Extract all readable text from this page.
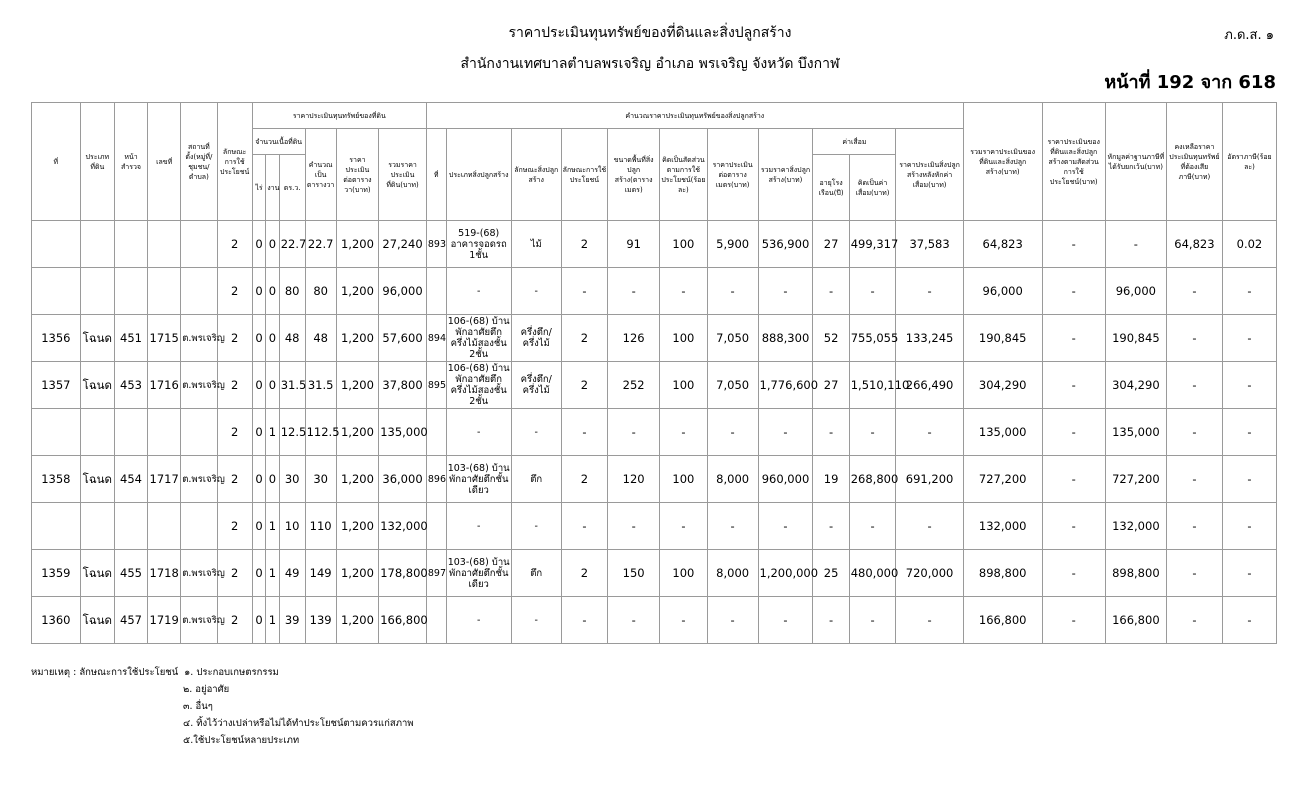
ราคาประเมินทุนทรัพย์ของที่ดินและสิ่งปลูกสร้าง
สำนักงานเทศบาลตำบลพรเจริญ อำเภอ พรเจริญ จังหวัด บึงกาฬ
ภ.ด.ส. ๑
หน้าที่ 192 จาก 618
ที่	ประเภทที่ดิน	หน้าสำรวจ	เลขที่	สถานที่ตั้ง(หมู่ที่/ชุมชน/ตำบล)	ลักษณะการใช้ประโยชน์	ราคาประเมินทุนทรัพย์ของที่ดิน						คำนวณราคาประเมินทุนทรัพย์ของสิ่งปลูกสร้าง											รวมราคาประเมินของที่ดินและสิ่งปลูกสร้าง(บาท)	ราคาประเมินของที่ดินและสิ่งปลูกสร้างตามสัดส่วนการใช้ประโยชน์(บาท)	หักมูลค่าฐานภาษีที่ได้รับยกเว้น(บาท)	คงเหลือราคาประเมินทุนทรัพย์ที่ต้องเสียภาษี(บาท)	อัตราภาษี(ร้อยละ)
						จำนวนเนื้อที่ดิน			คำนวณเป็นตารางวา	ราคาประเมินต่อตารางวา(บาท)	รวมราคาประเมินที่ดิน(บาท)	ที่	ประเภทสิ่งปลูกสร้าง	ลักษณะสิ่งปลูกสร้าง	ลักษณะการใช้ประโยชน์	ขนาดพื้นที่สิ่งปลูกสร้าง(ตารางเมตร)	คิดเป็นสัดส่วนตามการใช้ประโยชน์(ร้อยละ)	ราคาประเมินต่อตารางเมตร(บาท)	รวมราคาสิ่งปลูกสร้าง(บาท)	ค่าเสื่อม		ราคาประเมินสิ่งปลูกสร้างหลังหักค่าเสื่อม(บาท)					
						ไร่	งาน	ตร.ว.												อายุโรงเรือน(ปี)	คิดเป็นค่าเสื่อม(บาท)						
					2	0	0	22.7	22.7	1,200	27,240	893	519-(68) อาคารจอดรถ 1ชั้น	ไม้	2	91	100	5,900	536,900	27	499,317	37,583	64,823	-	-	64,823	0.02
					2	0	0	80	80	1,200	96,000		-	-	-	-	-	-	-	-	-	-	96,000	-	96,000	-	-
1356	โฉนด	451	1715	ต.พรเจริญ	2	0	0	48	48	1,200	57,600	894	106-(68) บ้านพักอาศัยตึกครึ่งไม้สองชั้น 2ชั้น	ครึ่งตึก/ครึ่งไม้	2	126	100	7,050	888,300	52	755,055	133,245	190,845	-	190,845	-	-
1357	โฉนด	453	1716	ต.พรเจริญ	2	0	0	31.5	31.5	1,200	37,800	895	106-(68) บ้านพักอาศัยตึกครึ่งไม้สองชั้น 2ชั้น	ครึ่งตึก/ครึ่งไม้	2	252	100	7,050	1,776,600	27	1,510,110	266,490	304,290	-	304,290	-	-
					2	0	1	12.5	112.5	1,200	135,000		-	-	-	-	-	-	-	-	-	-	135,000	-	135,000	-	-
1358	โฉนด	454	1717	ต.พรเจริญ	2	0	0	30	30	1,200	36,000	896	103-(68) บ้านพักอาศัยตึกชั้นเดียว	ตึก	2	120	100	8,000	960,000	19	268,800	691,200	727,200	-	727,200	-	-
					2	0	1	10	110	1,200	132,000		-	-	-	-	-	-	-	-	-	-	132,000	-	132,000	-	-
1359	โฉนด	455	1718	ต.พรเจริญ	2	0	1	49	149	1,200	178,800	897	103-(68) บ้านพักอาศัยตึกชั้นเดียว	ตึก	2	150	100	8,000	1,200,000	25	480,000	720,000	898,800	-	898,800	-	-
1360	โฉนด	457	1719	ต.พรเจริญ	2	0	1	39	139	1,200	166,800		-	-	-	-	-	-	-	-	-	-	166,800	-	166,800	-	-
หมายเหตุ : ลักษณะการใช้ประโยชน์ ๑. ประกอบเกษตรกรรม
๒. อยู่อาศัย
๓. อื่นๆ
๔. ทิ้งไว้ว่างเปล่าหรือไม่ได้ทำประโยชน์ตามควรแก่สภาพ
๕.ใช้ประโยชน์หลายประเภท
